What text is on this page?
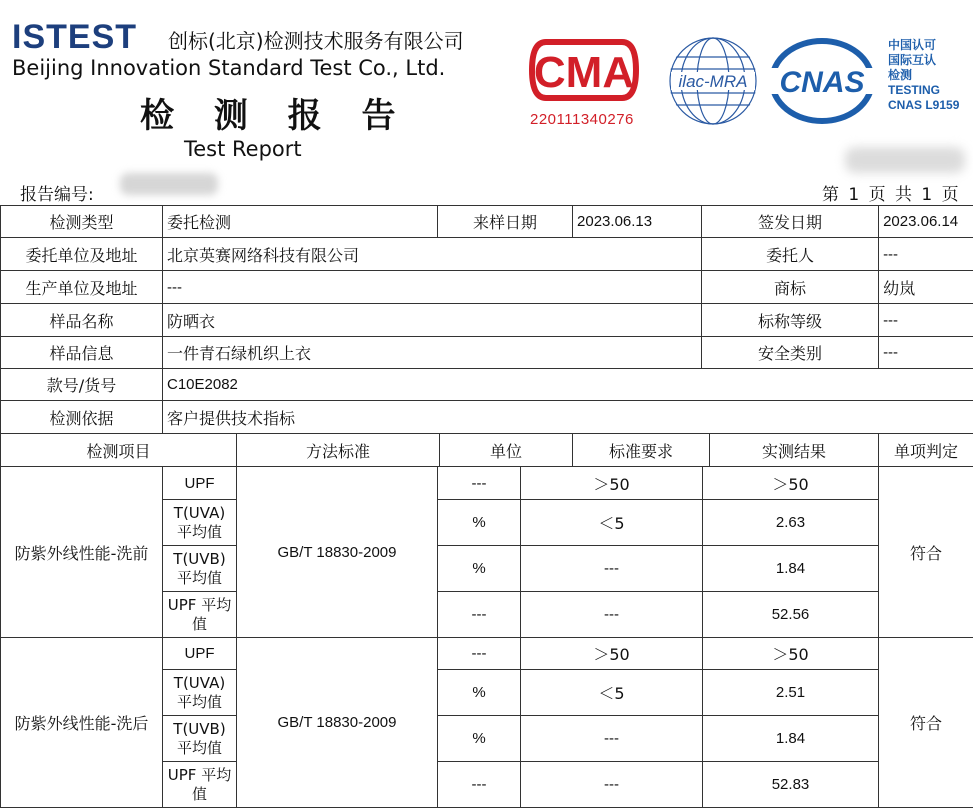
ISTEST 创标(北京)检测技术服务有限公司
Beijing Innovation Standard Test Co., Ltd.
检 测 报 告
Test Report
CMA
220111340276
ilac-MRA CNAS
中国认可
国际互认
检测
TESTING
CNAS L9159
报告编号:	第 1 页 共 1 页
检测类型	委托检测		来样日期		2023.06.13	签发日期		2023.06.14
委托单位及地址	北京英赛网络科技有限公司					委托人		---
生产单位及地址	---					商标		幼岚
样品名称	防晒衣					标称等级		---
样品信息	一件青石绿机织上衣					安全类别		---
款号/货号	C10E2082							
检测依据	客户提供技术指标							
检测项目		方法标准		单位	标准要求		实测结果	单项判定
防紫外线性能-洗前	UPF	GB/T 18830-2009	---	＞50	＞50	符合
	T(UVA)平均值		%	＜5	2.63	
	T(UVB)平均值		%	---	1.84	
	UPF 平均值		---	---	52.56	
防紫外线性能-洗后	UPF	GB/T 18830-2009	---	＞50	＞50	符合
	T(UVA)平均值		%	＜5	2.51	
	T(UVB)平均值		%	---	1.84	
	UPF 平均值		---	---	52.83	
